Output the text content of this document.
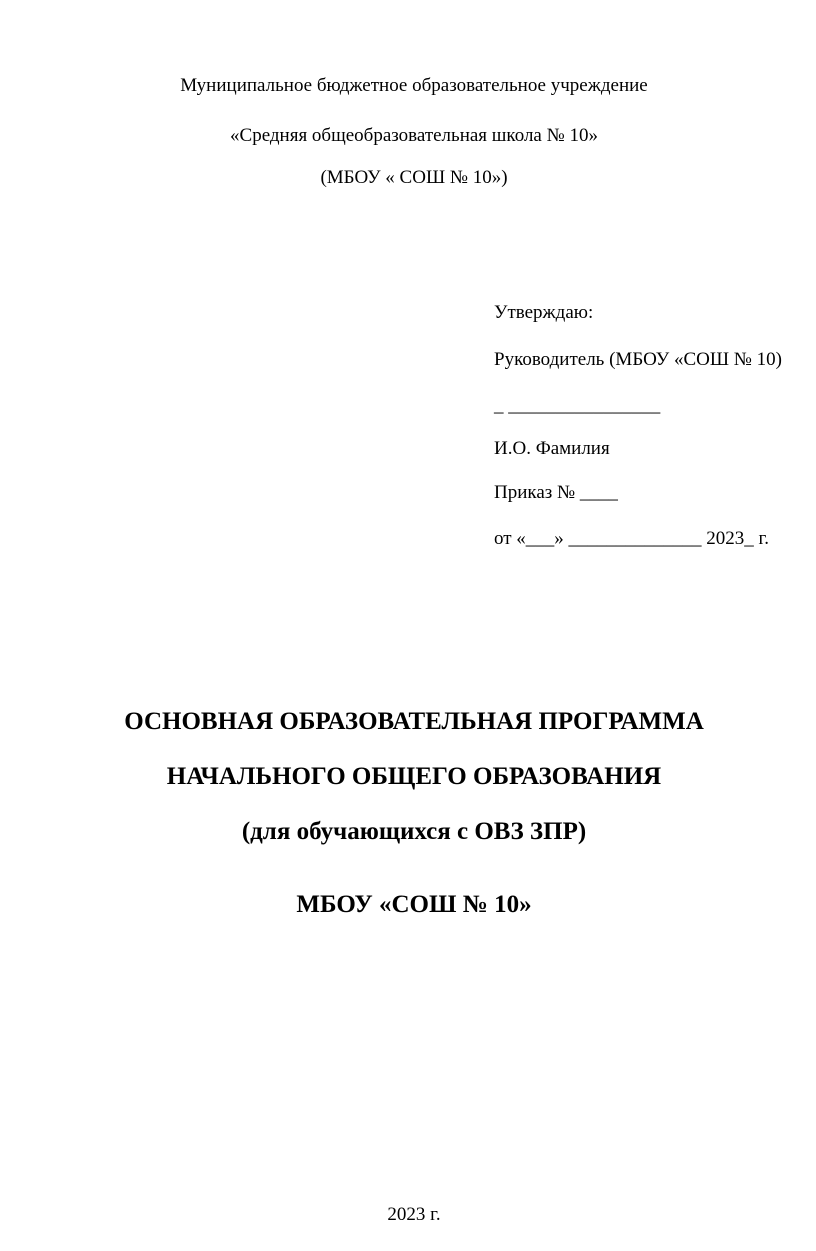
Муниципальное бюджетное образовательное учреждение
«Средняя общеобразовательная школа № 10»
(МБОУ « СОШ № 10»)
Утверждаю:
Руководитель (МБОУ «СОШ № 10)
_ ________________
И.О. Фамилия
Приказ № ____
от «___» ______________ 2023_ г.
ОСНОВНАЯ ОБРАЗОВАТЕЛЬНАЯ ПРОГРАММА
НАЧАЛЬНОГО ОБЩЕГО ОБРАЗОВАНИЯ
(для обучающихся с ОВЗ ЗПР)
МБОУ «СОШ № 10»
2023 г.
